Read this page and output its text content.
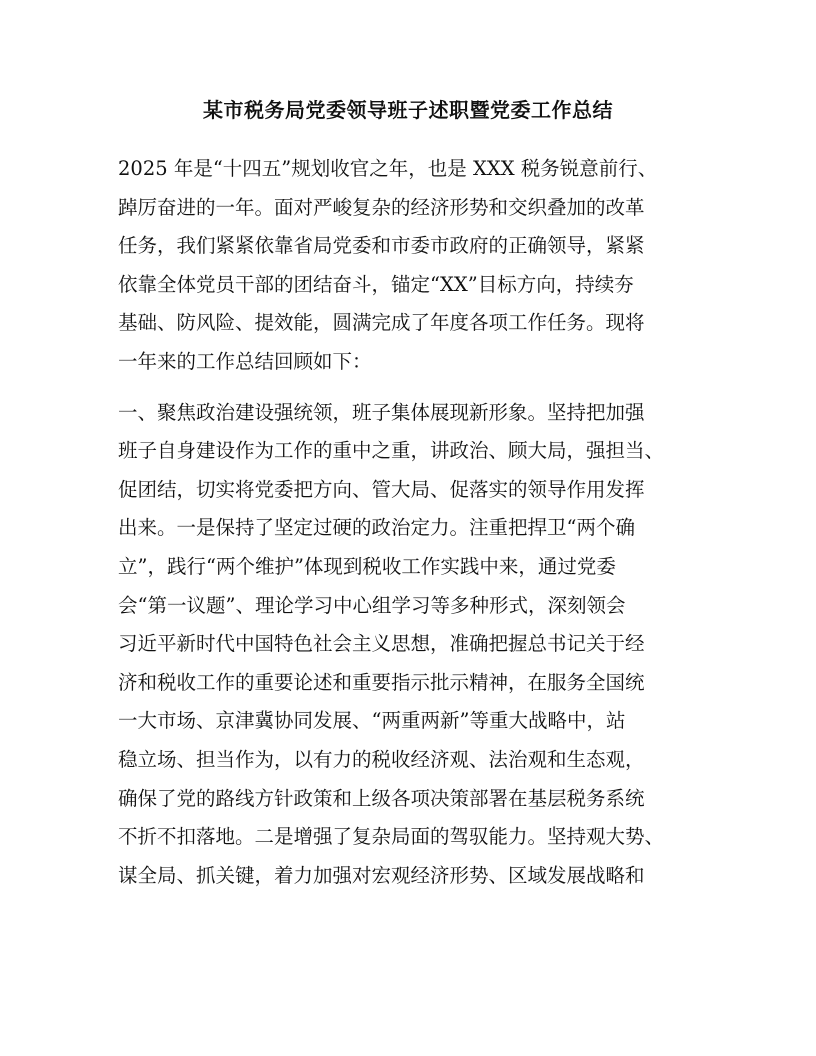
某市税务局党委领导班子述职暨党委工作总结

2025 年是“十四五”规划收官之年，也是 XXX 税务锐意前行、
踔厉奋进的一年。面对严峻复杂的经济形势和交织叠加的改革
任务，我们紧紧依靠省局党委和市委市政府的正确领导，紧紧
依靠全体党员干部的团结奋斗，锚定“XX”目标方向，持续夯
基础、防风险、提效能，圆满完成了年度各项工作任务。现将
一年来的工作总结回顾如下：

一、聚焦政治建设强统领，班子集体展现新形象。坚持把加强
班子自身建设作为工作的重中之重，讲政治、顾大局，强担当、
促团结，切实将党委把方向、管大局、促落实的领导作用发挥
出来。一是保持了坚定过硬的政治定力。注重把捍卫“两个确
立”，践行“两个维护”体现到税收工作实践中来，通过党委
会“第一议题”、理论学习中心组学习等多种形式，深刻领会
习近平新时代中国特色社会主义思想，准确把握总书记关于经
济和税收工作的重要论述和重要指示批示精神，在服务全国统
一大市场、京津冀协同发展、“两重两新”等重大战略中，站
稳立场、担当作为，以有力的税收经济观、法治观和生态观，
确保了党的路线方针政策和上级各项决策部署在基层税务系统
不折不扣落地。二是增强了复杂局面的驾驭能力。坚持观大势、
谋全局、抓关键，着力加强对宏观经济形势、区域发展战略和
